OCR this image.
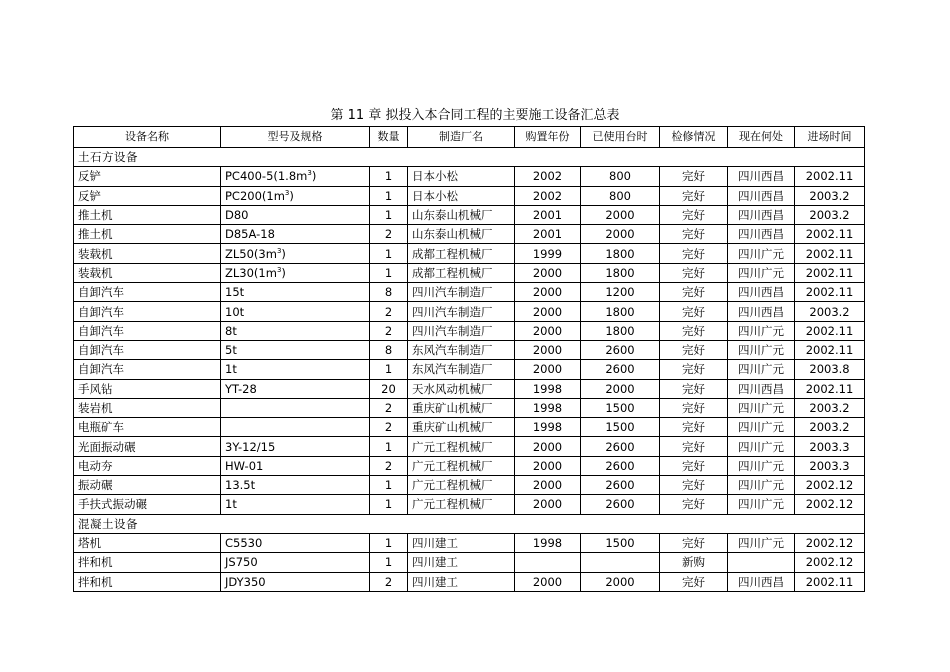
第 11 章 拟投入本合同工程的主要施工设备汇总表
设备名称	型号及规格	数量	制造厂名	购置年份	已使用台时	检修情况	现在何处	进场时间
土石方设备								
反铲	$PC400-5(1.8m^3)$	1	日本小松	2002	800	完好	四川西昌	2002.11
反铲	$PC200(1m^3)$	1	日本小松	2002	800	完好	四川西昌	2003.2
推土机	D80	1	山东泰山机械厂	2001	2000	完好	四川西昌	2003.2
推土机	D85A-18	2	山东泰山机械厂	2001	2000	完好	四川西昌	2002.11
装载机	$ZL50(3m^3)$	1	成都工程机械厂	1999	1800	完好	四川广元	2002.11
装载机	$ZL30(1m^3)$	1	成都工程机械厂	2000	1800	完好	四川广元	2002.11
自卸汽车	15t	8	四川汽车制造厂	2000	1200	完好	四川西昌	2002.11
自卸汽车	10t	2	四川汽车制造厂	2000	1800	完好	四川西昌	2003.2
自卸汽车	8t	2	四川汽车制造厂	2000	1800	完好	四川广元	2002.11
自卸汽车	5t	8	东风汽车制造厂	2000	2600	完好	四川广元	2002.11
自卸汽车	1t	1	东风汽车制造厂	2000	2600	完好	四川广元	2003.8
手风钻	YT-28	20	天水风动机械厂	1998	2000	完好	四川西昌	2002.11
装岩机		2	重庆矿山机械厂	1998	1500	完好	四川广元	2003.2
电瓶矿车		2	重庆矿山机械厂	1998	1500	完好	四川广元	2003.2
光面振动碾	3Y-12/15	1	广元工程机械厂	2000	2600	完好	四川广元	2003.3
电动夯	HW-01	2	广元工程机械厂	2000	2600	完好	四川广元	2003.3
振动碾	13.5t	1	广元工程机械厂	2000	2600	完好	四川广元	2002.12
手扶式振动碾	1t	1	广元工程机械厂	2000	2600	完好	四川广元	2002.12
混凝土设备								
塔机	C5530	1	四川建工	1998	1500	完好	四川广元	2002.12
拌和机	JS750	1	四川建工			新购		2002.12
拌和机	JDY350	2	四川建工	2000	2000	完好	四川西昌	2002.11
